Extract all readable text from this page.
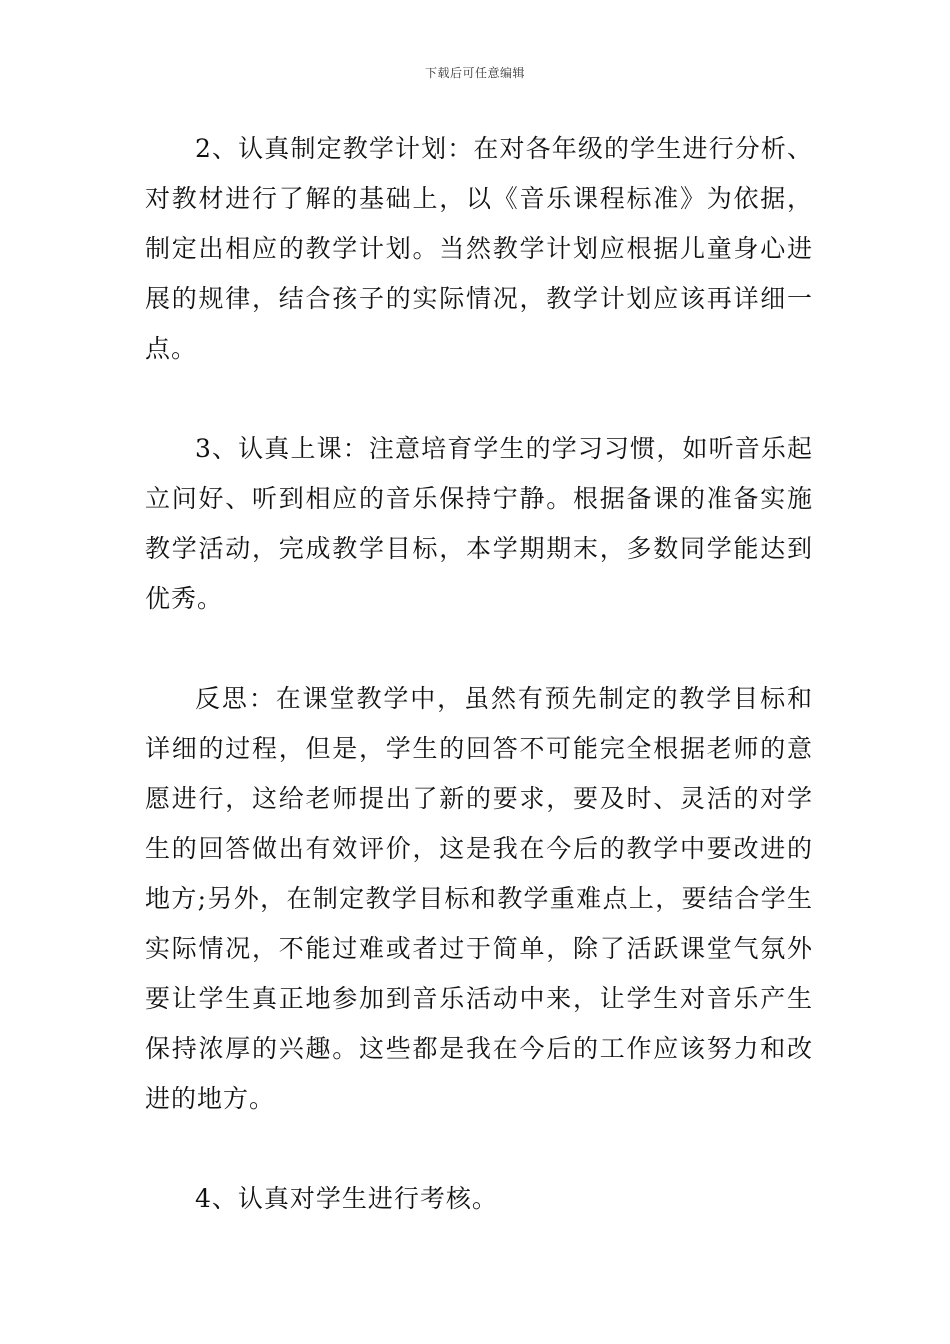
下载后可任意编辑

2、认真制定教学计划：在对各年级的学生进行分析、对教材进行了解的基础上，以《音乐课程标准》为依据，制定出相应的教学计划。当然教学计划应根据儿童身心进展的规律，结合孩子的实际情况，教学计划应该再详细一点。

3、认真上课：注意培育学生的学习习惯，如听音乐起立问好、听到相应的音乐保持宁静。根据备课的准备实施教学活动，完成教学目标，本学期期末，多数同学能达到优秀。

反思：在课堂教学中，虽然有预先制定的教学目标和详细的过程，但是，学生的回答不可能完全根据老师的意愿进行，这给老师提出了新的要求，要及时、灵活的对学生的回答做出有效评价，这是我在今后的教学中要改进的地方;另外，在制定教学目标和教学重难点上，要结合学生实际情况，不能过难或者过于简单，除了活跃课堂气氛外要让学生真正地参加到音乐活动中来，让学生对音乐产生保持浓厚的兴趣。这些都是我在今后的工作应该努力和改进的地方。

4、认真对学生进行考核。
